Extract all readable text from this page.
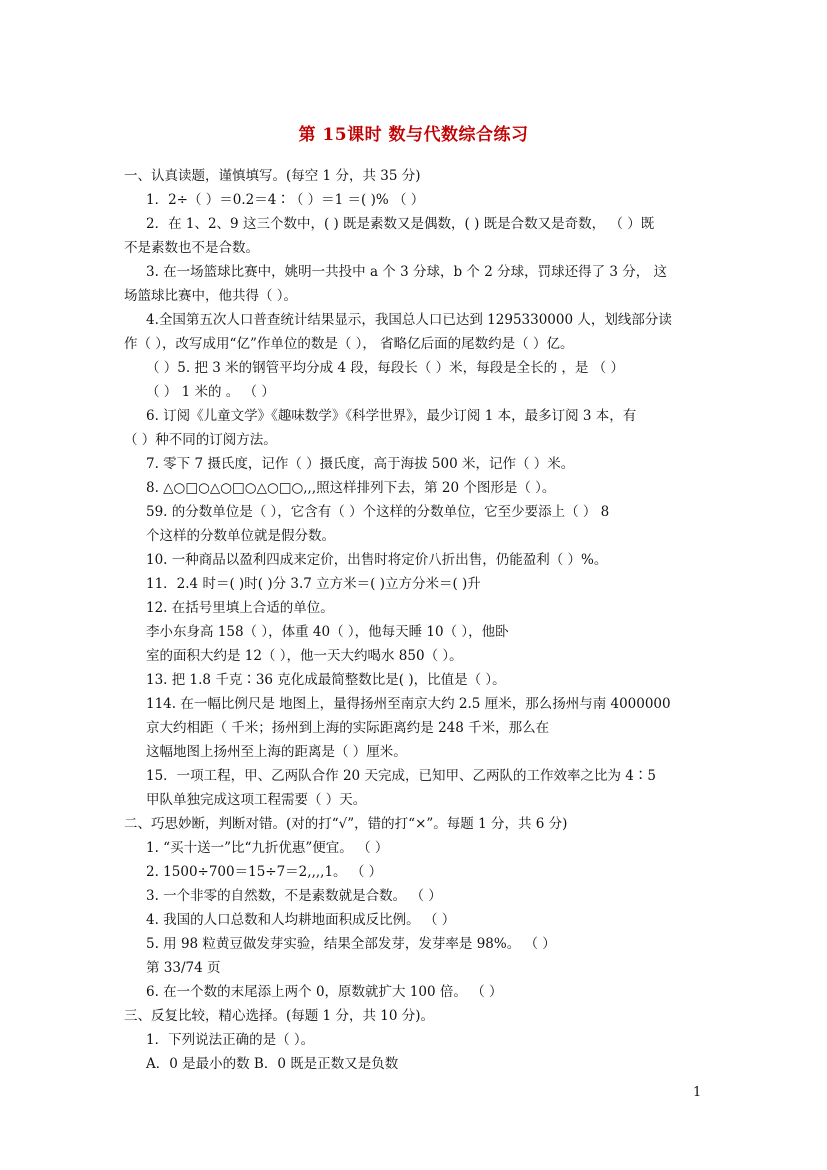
第 15课时 数与代数综合练习
一、认真读题，谨慎填写。(每空 1 分，共 35 分)
1．2÷（ ）＝0.2＝4∶（ ）＝1 ＝( )% （ ）
2．在 1、2、9 这三个数中，( ) 既是素数又是偶数，( ) 既是合数又是奇数， （ ）既
不是素数也不是合数。
3. 在一场篮球比赛中，姚明一共投中 a 个 3 分球，b 个 2 分球，罚球还得了 3 分， 这
场篮球比赛中，他共得（ ）。
4.全国第五次人口普查统计结果显示，我国总人口已达到 1295330000 人，划线部分读
作（ ），改写成用“亿”作单位的数是（ ）， 省略亿后面的尾数约是（ ）亿。
（ ）5. 把 3 米的钢管平均分成 4 段，每段长（ ）米，每段是全长的 ，是 （ ）
（ ） 1 米的 。 （ ）
6. 订阅《儿童文学》《趣味数学》《科学世界》，最少订阅 1 本，最多订阅 3 本，有
（ ）种不同的订阅方法。
7. 零下 7 摄氏度，记作（ ）摄氏度，高于海拔 500 米，记作（ ）米。
8. △○□○△○□○△○□○,,,照这样排列下去，第 20 个图形是（ ）。
59. 的分数单位是（ ），它含有（ ）个这样的分数单位，它至少要添上（ ） 8
个这样的分数单位就是假分数。
10. 一种商品以盈利四成来定价，出售时将定价八折出售，仍能盈利（ ）%。
11．2.4 时＝( )时( )分 3.7 立方米＝( )立方分米＝( )升
12. 在括号里填上合适的单位。
李小东身高 158（ ），体重 40（ ），他每天睡 10（ ），他卧
室的面积大约是 12（ ），他一天大约喝水 850（ ）。
13. 把 1.8 千克∶36 克化成最简整数比是( )，比值是（ ）。
114. 在一幅比例尺是 地图上，量得扬州至南京大约 2.5 厘米，那么扬州与南 4000000
京大约相距（ 千米；扬州到上海的实际距离约是 248 千米，那么在
这幅地图上扬州至上海的距离是（ ）厘米。
15．一项工程，甲、乙两队合作 20 天完成，已知甲、乙两队的工作效率之比为 4∶5
甲队单独完成这项工程需要（ ）天。
二、巧思妙断，判断对错。(对的打“√”，错的打“×”。每题 1 分，共 6 分)
1. “买十送一”比“九折优惠”便宜。 （ ）
2. 1500÷700＝15÷7＝2,,,,1。 （ ）
3. 一个非零的自然数，不是素数就是合数。 （ ）
4. 我国的人口总数和人均耕地面积成反比例。 （ ）
5. 用 98 粒黄豆做发芽实验，结果全部发芽，发芽率是 98%。 （ ）
第 33/74 页
6. 在一个数的末尾添上两个 0，原数就扩大 100 倍。 （ ）
三、反复比较，精心选择。(每题 1 分，共 10 分)。
1．下列说法正确的是（ ）。
A．0 是最小的数 B．0 既是正数又是负数
1
